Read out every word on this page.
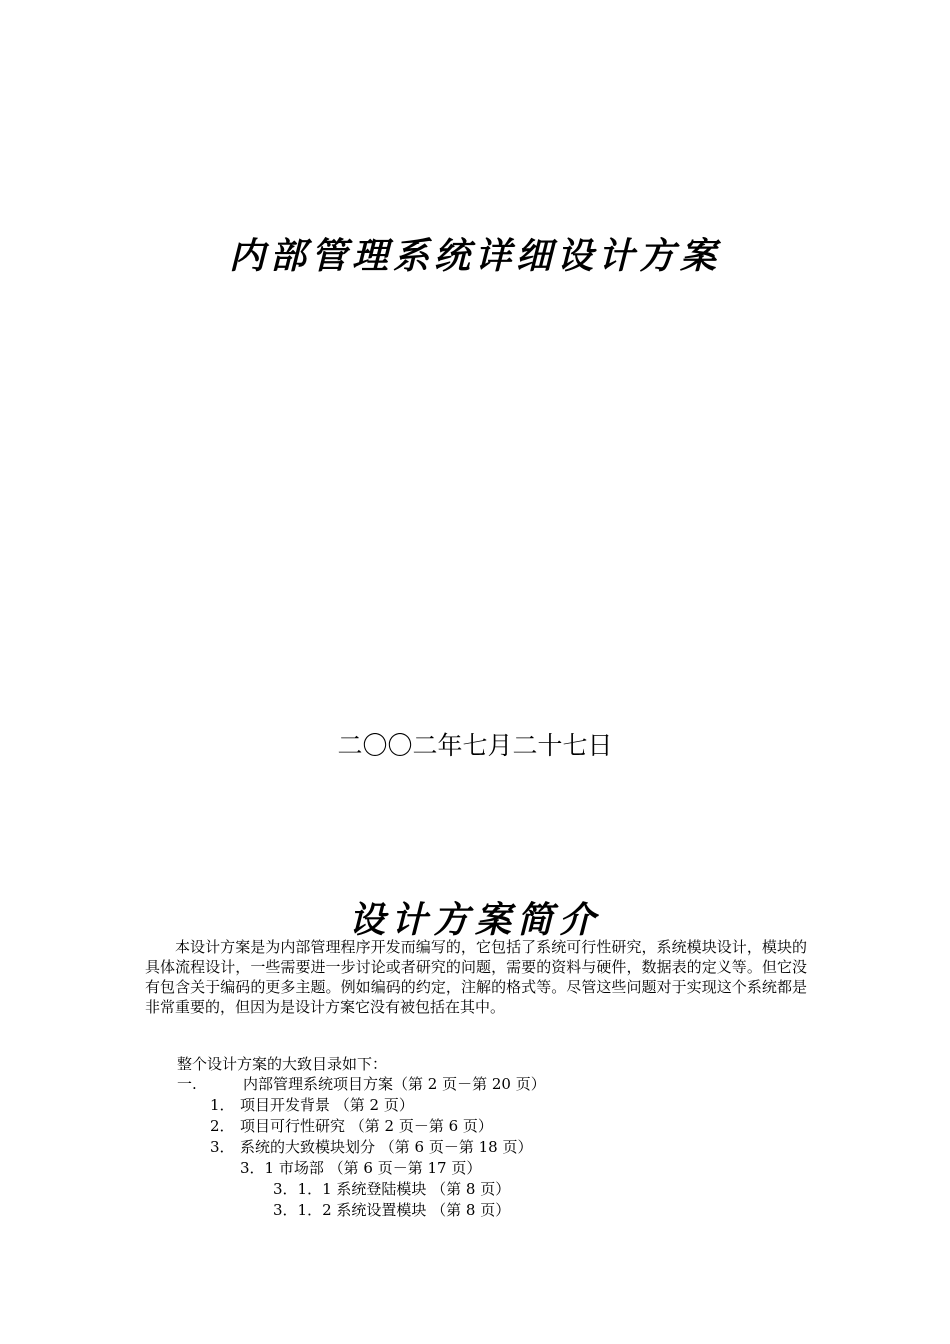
内部管理系统详细设计方案
二〇〇二年七月二十七日
设计方案简介

本设计方案是为内部管理程序开发而编写的，它包括了系统可行性研究，系统模块设计，模块的具体流程设计，一些需要进一步讨论或者研究的问题，需要的资料与硬件，数据表的定义等。但它没有包含关于编码的更多主题。例如编码的约定，注解的格式等。尽管这些问题对于实现这个系统都是非常重要的，但因为是设计方案它没有被包括在其中。

整个设计方案的大致目录如下：
一.	内部管理系统项目方案（第 2 页－第 20 页）
1． 项目开发背景 （第 2 页）
2． 项目可行性研究 （第 2 页－第 6 页）
3． 系统的大致模块划分 （第 6 页－第 18 页）
3．1 市场部 （第 6 页－第 17 页）
3．1．1 系统登陆模块 （第 8 页）
3．1．2 系统设置模块 （第 8 页）
